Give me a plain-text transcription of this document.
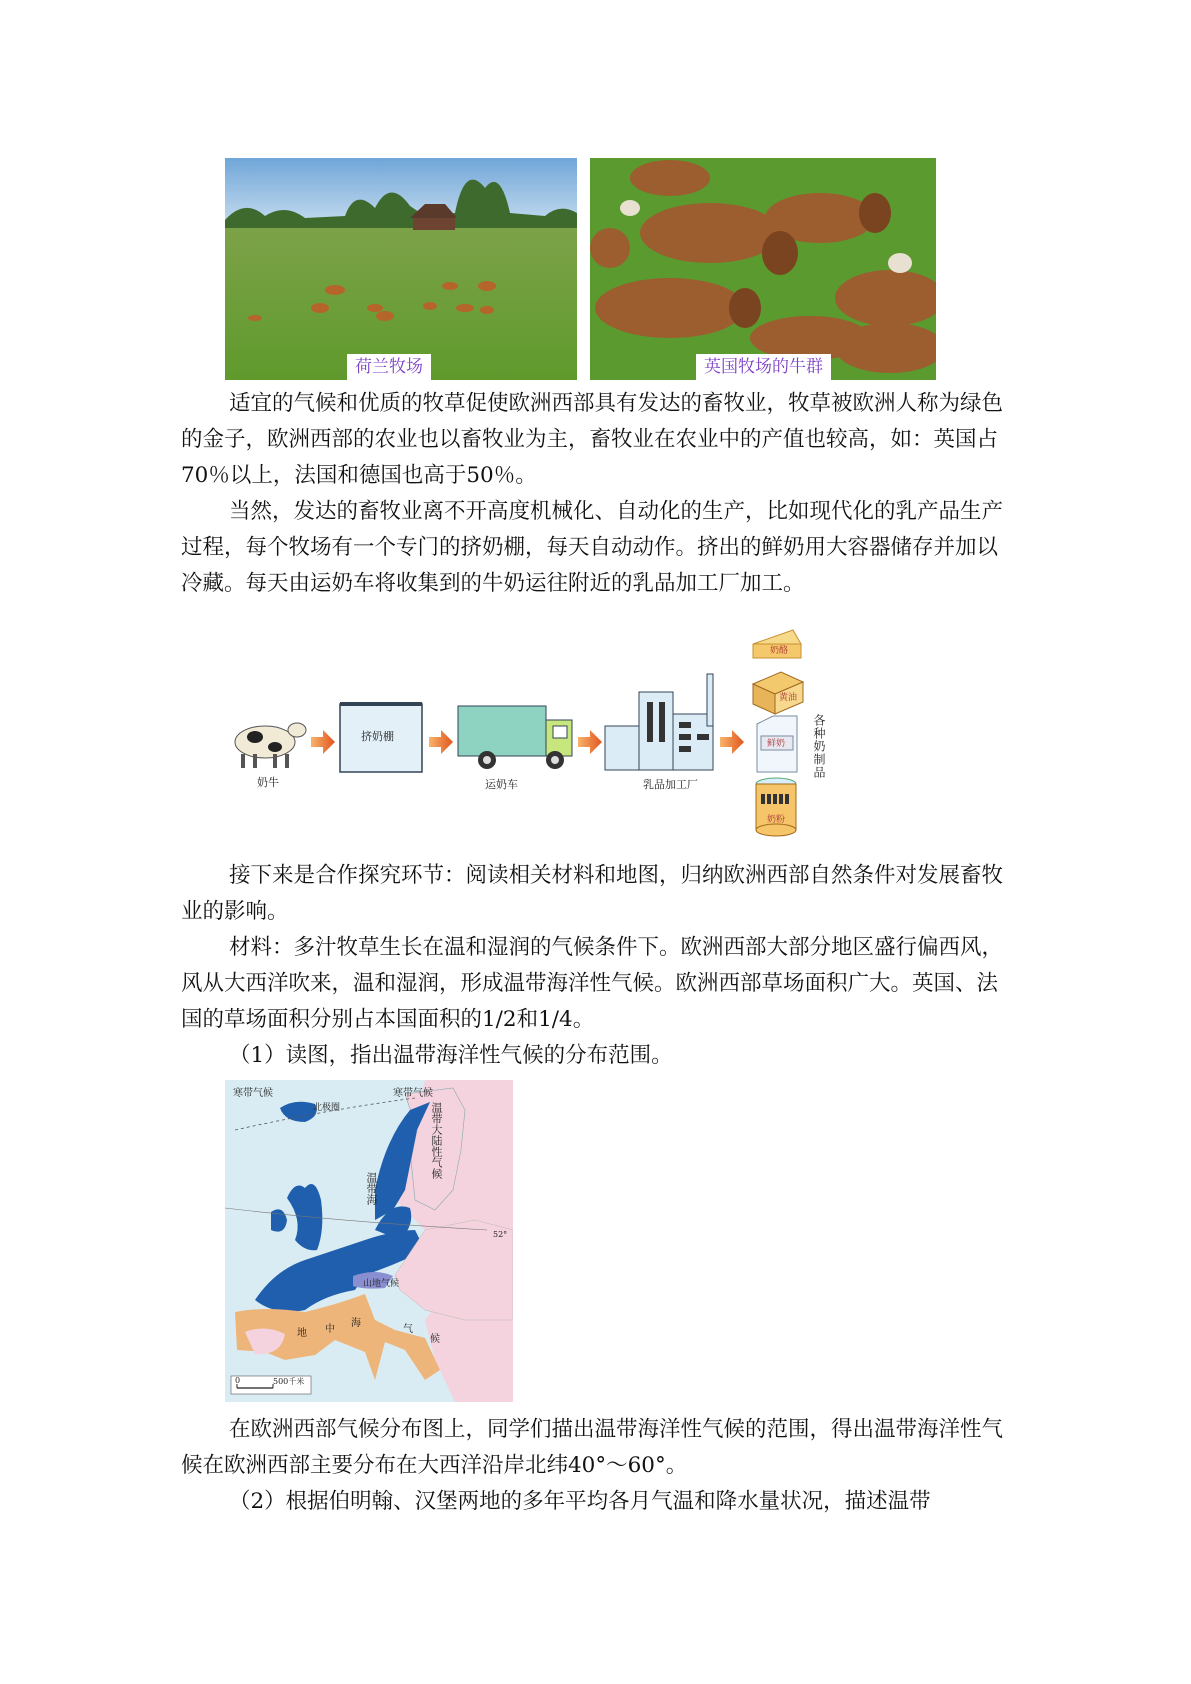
荷兰牧场	英国牧场的牛群

适宜的气候和优质的牧草促使欧洲西部具有发达的畜牧业，牧草被欧洲人称为绿色的金子，欧洲西部的农业也以畜牧业为主，畜牧业在农业中的产值也较高，如：英国占70％以上，法国和德国也高于50％。

当然，发达的畜牧业离不开高度机械化、自动化的生产，比如现代化的乳产品生产过程，每个牧场有一个专门的挤奶棚，每天自动动作。挤出的鲜奶用大容器储存并加以冷藏。每天由运奶车将收集到的牛奶运往附近的乳品加工厂加工。

奶牛
挤奶棚
运奶车	乳品加工厂
奶酪
黄油
鲜奶
奶粉
各种奶制品

接下来是合作探究环节：阅读相关材料和地图，归纳欧洲西部自然条件对发展畜牧业的影响。

材料：多汁牧草生长在温和湿润的气候条件下。欧洲西部大部分地区盛行偏西风，风从大西洋吹来，温和湿润，形成温带海洋性气候。欧洲西部草场面积广大。英国、法国的草场面积分别占本国面积的1/2和1/4。

（1）读图，指出温带海洋性气候的分布范围。

寒带气候
北极圈
寒带气候
温带大陆性气候
温带海
52°
山地气候
地 中
海
气
候
0	500千米

在欧洲西部气候分布图上，同学们描出温带海洋性气候的范围，得出温带海洋性气候在欧洲西部主要分布在大西洋沿岸北纬40°～60°。

（2）根据伯明翰、汉堡两地的多年平均各月气温和降水量状况，描述温带
